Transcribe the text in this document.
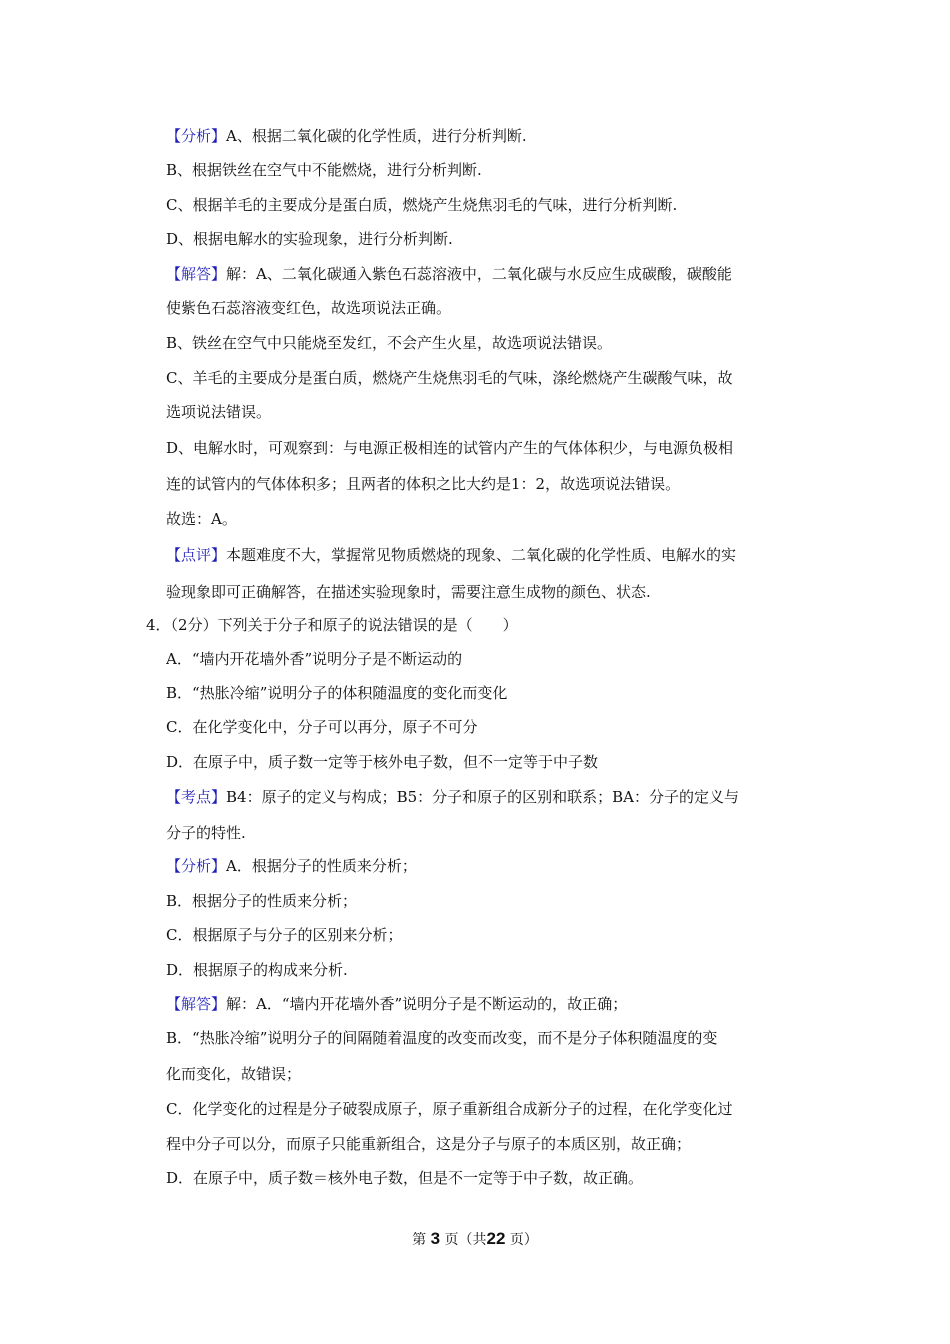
【分析】A、根据二氧化碳的化学性质，进行分析判断.
B、根据铁丝在空气中不能燃烧，进行分析判断.
C、根据羊毛的主要成分是蛋白质，燃烧产生烧焦羽毛的气味，进行分析判断.
D、根据电解水的实验现象，进行分析判断.
【解答】解：A、二氧化碳通入紫色石蕊溶液中，二氧化碳与水反应生成碳酸，碳酸能
使紫色石蕊溶液变红色，故选项说法正确。
B、铁丝在空气中只能烧至发红，不会产生火星，故选项说法错误。
C、羊毛的主要成分是蛋白质，燃烧产生烧焦羽毛的气味，涤纶燃烧产生碳酸气味，故
选项说法错误。
D、电解水时，可观察到：与电源正极相连的试管内产生的气体体积少，与电源负极相
连的试管内的气体体积多；且两者的体积之比大约是1：2，故选项说法错误。
故选：A。
【点评】本题难度不大，掌握常见物质燃烧的现象、二氧化碳的化学性质、电解水的实
验现象即可正确解答，在描述实验现象时，需要注意生成物的颜色、状态.
4．（2分）下列关于分子和原子的说法错误的是（　　）
A．“墙内开花墙外香”说明分子是不断运动的
B．“热胀冷缩”说明分子的体积随温度的变化而变化
C．在化学变化中，分子可以再分，原子不可分
D．在原子中，质子数一定等于核外电子数，但不一定等于中子数
【考点】B4：原子的定义与构成；B5：分子和原子的区别和联系；BA：分子的定义与
分子的特性.
【分析】A．根据分子的性质来分析；
B．根据分子的性质来分析；
C．根据原子与分子的区别来分析；
D．根据原子的构成来分析.
【解答】解：A．“墙内开花墙外香”说明分子是不断运动的，故正确；
B．“热胀冷缩”说明分子的间隔随着温度的改变而改变，而不是分子体积随温度的变
化而变化，故错误；
C．化学变化的过程是分子破裂成原子，原子重新组合成新分子的过程，在化学变化过
程中分子可以分，而原子只能重新组合，这是分子与原子的本质区别，故正确；
D．在原子中，质子数＝核外电子数，但是不一定等于中子数，故正确。
第 3 页（共22 页）
